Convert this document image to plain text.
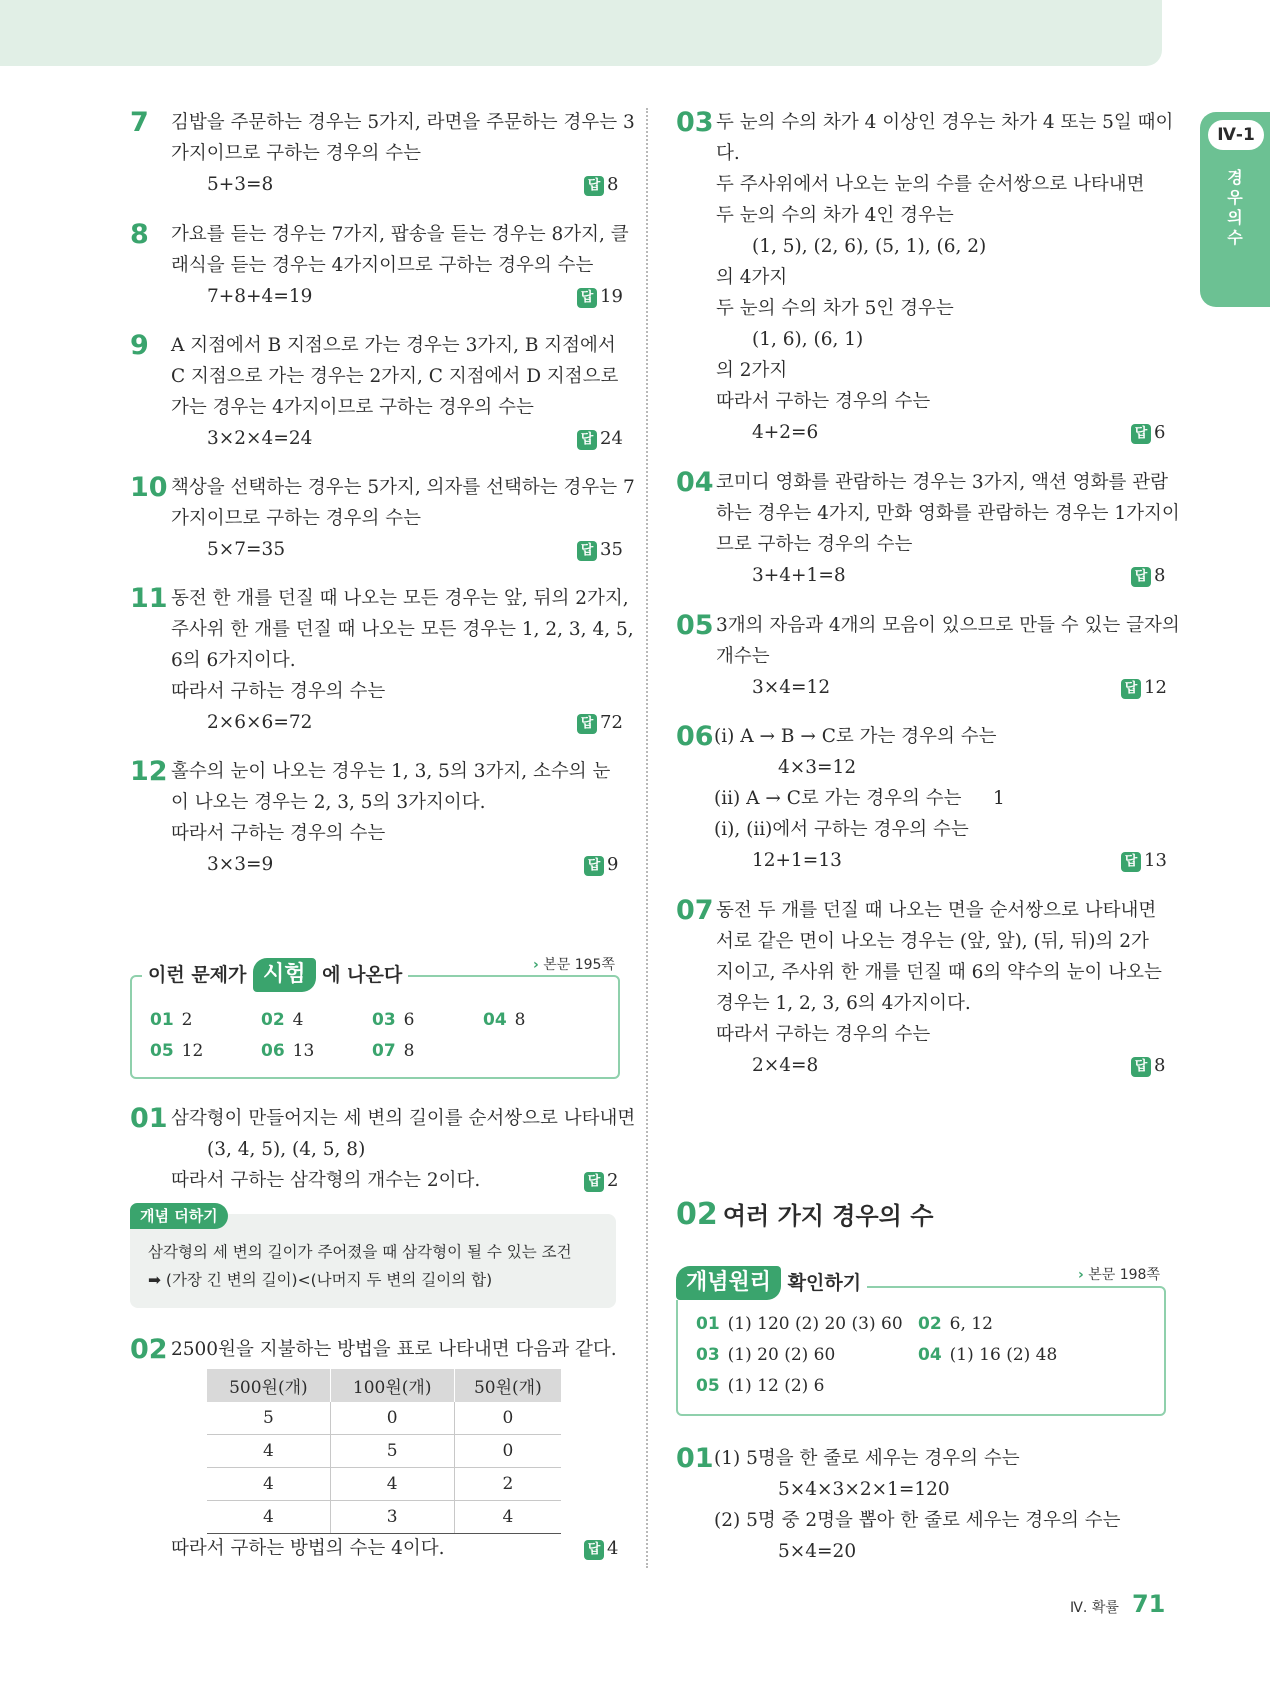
Ⅳ-1
경우의 수
7 김밥을 주문하는 경우는 5가지, 라면을 주문하는 경우는 3
가지이므로 구하는 경우의 수는
5+3=8	답 8
8 가요를 듣는 경우는 7가지, 팝송을 듣는 경우는 8가지, 클
래식을 듣는 경우는 4가지이므로 구하는 경우의 수는
7+8+4=19	답 19
9 A 지점에서 B 지점으로 가는 경우는 3가지, B 지점에서
C 지점으로 가는 경우는 2가지, C 지점에서 D 지점으로
가는 경우는 4가지이므로 구하는 경우의 수는
3×2×4=24	답 24
10 책상을 선택하는 경우는 5가지, 의자를 선택하는 경우는 7
가지이므로 구하는 경우의 수는
5×7=35	답 35
11 동전 한 개를 던질 때 나오는 모든 경우는 앞, 뒤의 2가지,
주사위 한 개를 던질 때 나오는 모든 경우는 1, 2, 3, 4, 5,
6의 6가지이다.
따라서 구하는 경우의 수는
2×6×6=72	답 72
12 홀수의 눈이 나오는 경우는 1, 3, 5의 3가지, 소수의 눈
이 나오는 경우는 2, 3, 5의 3가지이다.
따라서 구하는 경우의 수는
3×3=9	답 9
이런 문제가 시험 에 나온다	› 본문 195쪽
01 2	02 4	03 6	04 8
05 12	06 13	07 8
01 삼각형이 만들어지는 세 변의 길이를 순서쌍으로 나타내면
(3, 4, 5), (4, 5, 8)
따라서 구하는 삼각형의 개수는 2이다.	답 2
개념 더하기
삼각형의 세 변의 길이가 주어졌을 때 삼각형이 될 수 있는 조건
➡ (가장 긴 변의 길이)<(나머지 두 변의 길이의 합)
02 2500원을 지불하는 방법을 표로 나타내면 다음과 같다.
500원(개)	100원(개)	50원(개)
5	0	0
4	5	0
4	4	2
4	3	4
따라서 구하는 방법의 수는 4이다.	답 4
03 두 눈의 수의 차가 4 이상인 경우는 차가 4 또는 5일 때이
다.
두 주사위에서 나오는 눈의 수를 순서쌍으로 나타내면
두 눈의 수의 차가 4인 경우는
(1, 5), (2, 6), (5, 1), (6, 2)
의 4가지
두 눈의 수의 차가 5인 경우는
(1, 6), (6, 1)
의 2가지
따라서 구하는 경우의 수는
4+2=6	답 6
04 코미디 영화를 관람하는 경우는 3가지, 액션 영화를 관람
하는 경우는 4가지, 만화 영화를 관람하는 경우는 1가지이
므로 구하는 경우의 수는
3+4+1=8	답 8
05 3개의 자음과 4개의 모음이 있으므로 만들 수 있는 글자의
개수는
3×4=12	답 12
06 (ⅰ) A → B → C로 가는 경우의 수는
4×3=12
(ⅱ) A → C로 가는 경우의 수는 1
(ⅰ), (ⅱ)에서 구하는 경우의 수는
12+1=13	답 13
07 동전 두 개를 던질 때 나오는 면을 순서쌍으로 나타내면
서로 같은 면이 나오는 경우는 (앞, 앞), (뒤, 뒤)의 2가
지이고, 주사위 한 개를 던질 때 6의 약수의 눈이 나오는
경우는 1, 2, 3, 6의 4가지이다.
따라서 구하는 경우의 수는
2×4=8	답 8
02 여러 가지 경우의 수
개념원리 확인하기	› 본문 198쪽
01 (1) 120 (2) 20 (3) 60 02 6, 12
03 (1) 20 (2) 60	04 (1) 16 (2) 48
05 (1) 12 (2) 6
01 (1) 5명을 한 줄로 세우는 경우의 수는
5×4×3×2×1=120
(2) 5명 중 2명을 뽑아 한 줄로 세우는 경우의 수는
5×4=20
Ⅳ. 확률 71
